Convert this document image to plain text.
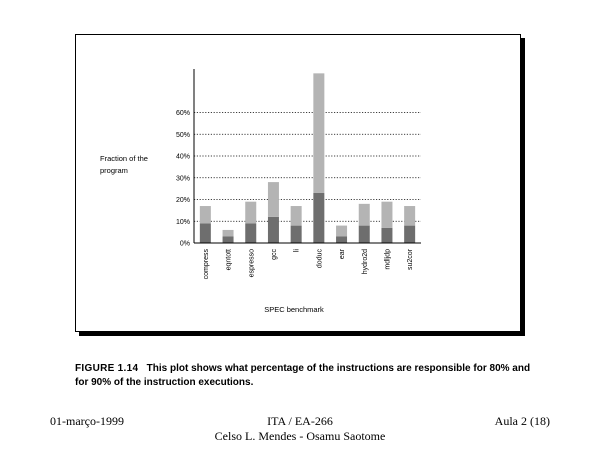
0%
10%
20%
30%
40%
50%
60%
compress eqntott espresso gcc li doduc ear hydro2d mdljdp su2cor
Fraction of the
program
SPEC benchmark
FIGURE 1.14 This plot shows what percentage of the instructions are responsible for 80% and for 90% of the instruction executions.
01-março-1999	ITA / EA-266
Celso L. Mendes - Osamu Saotome
Aula 2 (18)
